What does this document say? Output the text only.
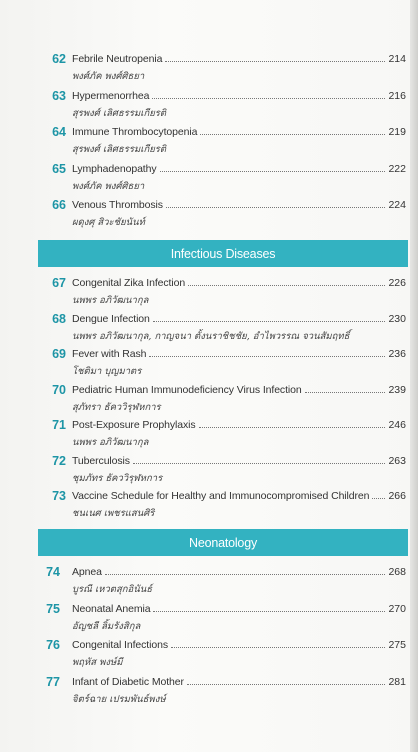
62 Febrile Neutropenia	214
พงศ์ภัค พงศ์ศิธยา
63 Hypermenorrhea	216
สุรพงศ์ เลิศธรรมเกียรติ
64 Immune Thrombocytopenia	219
สุรพงศ์ เลิศธรรมเกียรติ
65 Lymphadenopathy	222
พงศ์ภัค พงศ์ศิธยา
66 Venous Thrombosis	224
ผดุงศุ สิวะชัยนันท์
Infectious Diseases
67 Congenital Zika Infection	226
นพพร อภิวัฒนากุล
68 Dengue Infection	230
นพพร อภิวัฒนากุล, กาญจนา ตั้งนราชิชชัย, อำไพวรรณ จวนสัมฤทธิ์
69 Fever with Rash	236
โชติมา บุญมาตร
70 Pediatric Human Immunodeficiency Virus Infection	239
สุภัทรา ธัคววิรุฬหการ
71 Post-Exposure Prophylaxis	246
นพพร อภิวัฒนากุล
72 Tuberculosis	263
ชุมภัทร ธัคววิรุฬหการ
73 Vaccine Schedule for Healthy and Immunocompromised Children 266
ชนเนศ เพชรแสนศิริ
Neonatology
74 Apnea	268
บูรณี เหวตสุกอินันธ์
75 Neonatal Anemia	270
อัญชลี ลิ้มรังสิกุล
76 Congenital Infections	275
พฤหัส พงษ์มี
77 Infant of Diabetic Mother	281
จิตร์ฉาย เปรมพันธ์พงษ์
